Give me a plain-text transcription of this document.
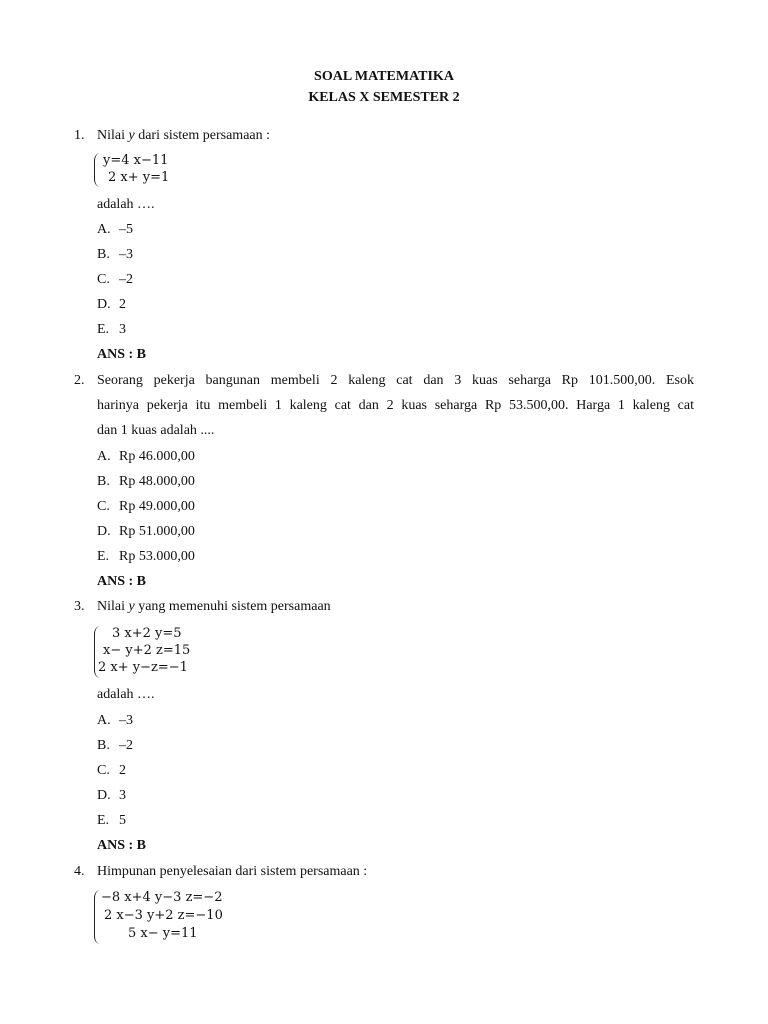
SOAL MATEMATIKA
KELAS X SEMESTER 2
1. Nilai y dari sistem persamaan :
y=4 x−11
2 x+ y=1
adalah ….
A. –5
B. –3
C. –2
D. 2
E. 3
ANS : B
2. Seorang pekerja bangunan membeli 2 kaleng cat dan 3 kuas seharga Rp 101.500,00. Esok
harinya pekerja itu membeli 1 kaleng cat dan 2 kuas seharga Rp 53.500,00. Harga 1 kaleng cat
dan 1 kuas adalah ....
A. Rp 46.000,00
B. Rp 48.000,00
C. Rp 49.000,00
D. Rp 51.000,00
E. Rp 53.000,00
ANS : B
3. Nilai y yang memenuhi sistem persamaan
3 x+2 y=5
x− y+2 z=15
2 x+ y−z=−1
adalah ….
A. –3
B. –2
C. 2
D. 3
E. 5
ANS : B
4. Himpunan penyelesaian dari sistem persamaan :
−8 x+4 y−3 z=−2
2 x−3 y+2 z=−10
5 x− y=11
